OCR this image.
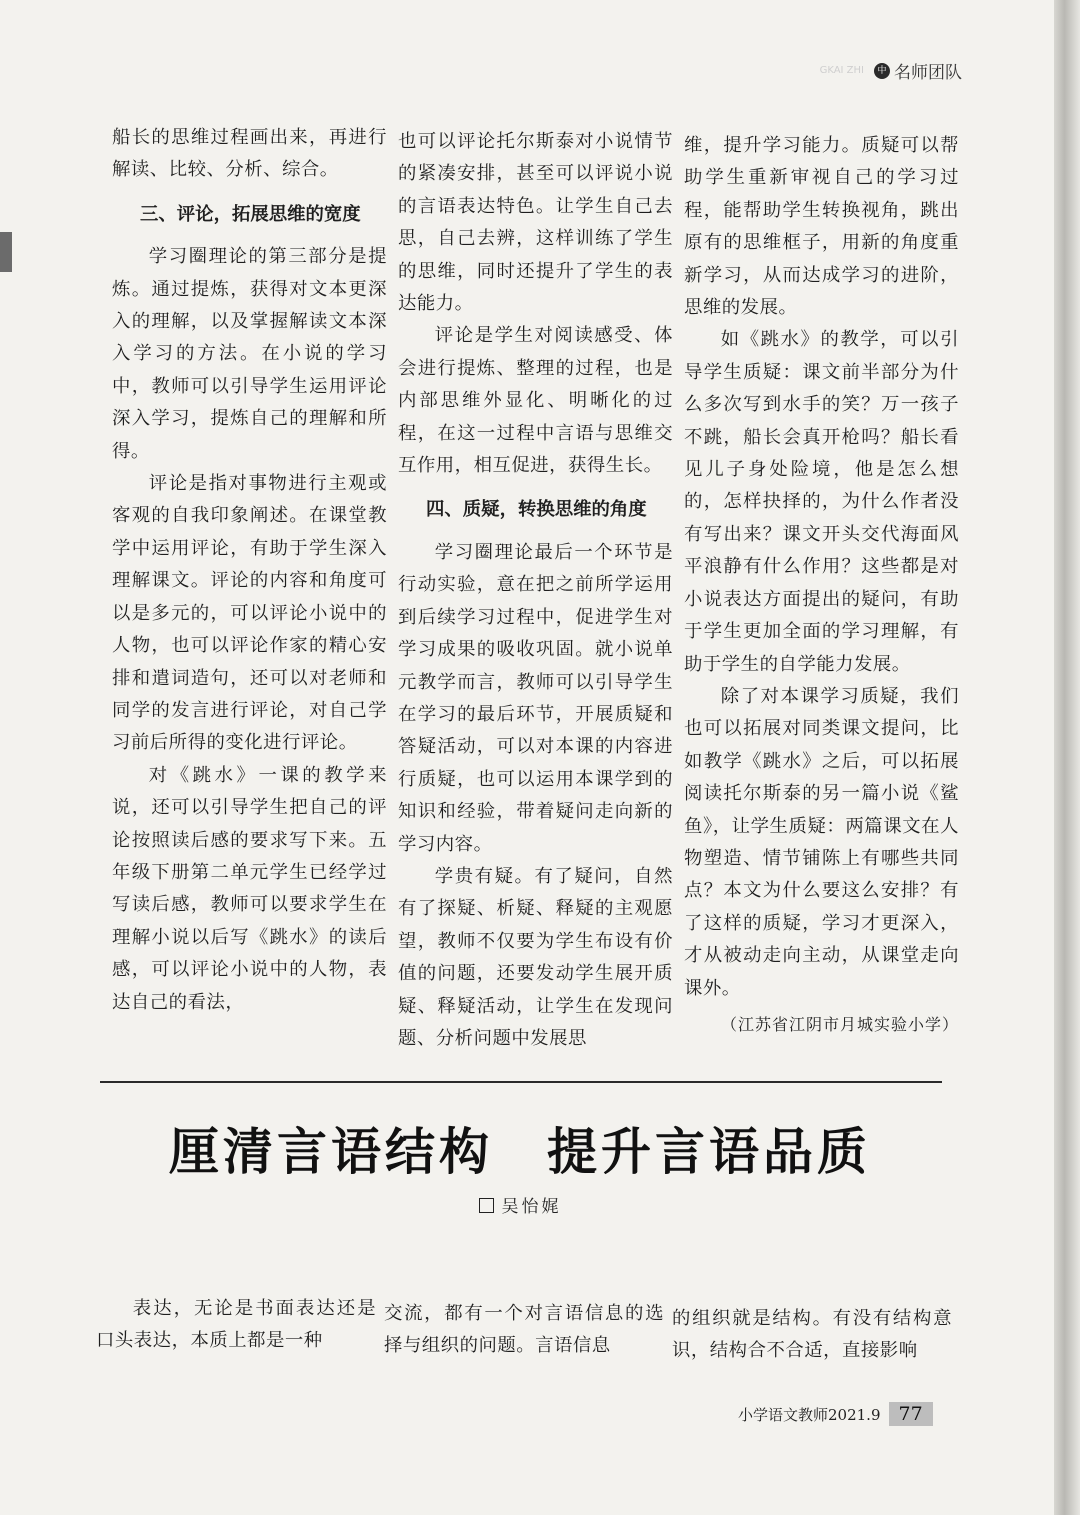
GKAI ZHI	中 名师团队

船长的思维过程画出来，再进行解读、比较、分析、综合。

三、评论，拓展思维的宽度

学习圈理论的第三部分是提炼。通过提炼，获得对文本更深入的理解，以及掌握解读文本深入学习的方法。在小说的学习中，教师可以引导学生运用评论深入学习，提炼自己的理解和所得。

评论是指对事物进行主观或客观的自我印象阐述。在课堂教学中运用评论，有助于学生深入理解课文。评论的内容和角度可以是多元的，可以评论小说中的人物，也可以评论作家的精心安排和遣词造句，还可以对老师和同学的发言进行评论，对自己学习前后所得的变化进行评论。

对《跳水》一课的教学来说，还可以引导学生把自己的评论按照读后感的要求写下来。五年级下册第二单元学生已经学过写读后感，教师可以要求学生在理解小说以后写《跳水》的读后感，可以评论小说中的人物，表达自己的看法，

也可以评论托尔斯泰对小说情节的紧凑安排，甚至可以评说小说的言语表达特色。让学生自己去思，自己去辨，这样训练了学生的思维，同时还提升了学生的表达能力。

评论是学生对阅读感受、体会进行提炼、整理的过程，也是内部思维外显化、明晰化的过程，在这一过程中言语与思维交互作用，相互促进，获得生长。

四、质疑，转换思维的角度

学习圈理论最后一个环节是行动实验，意在把之前所学运用到后续学习过程中，促进学生对学习成果的吸收巩固。就小说单元教学而言，教师可以引导学生在学习的最后环节，开展质疑和答疑活动，可以对本课的内容进行质疑，也可以运用本课学到的知识和经验，带着疑问走向新的学习内容。

学贵有疑。有了疑问，自然有了探疑、析疑、释疑的主观愿望，教师不仅要为学生布设有价值的问题，还要发动学生展开质疑、释疑活动，让学生在发现问题、分析问题中发展思

维，提升学习能力。质疑可以帮助学生重新审视自己的学习过程，能帮助学生转换视角，跳出原有的思维框子，用新的角度重新学习，从而达成学习的进阶，思维的发展。

如《跳水》的教学，可以引导学生质疑：课文前半部分为什么多次写到水手的笑？万一孩子不跳，船长会真开枪吗？船长看见儿子身处险境，他是怎么想的，怎样抉择的，为什么作者没有写出来？课文开头交代海面风平浪静有什么作用？这些都是对小说表达方面提出的疑问，有助于学生更加全面的学习理解，有助于学生的自学能力发展。

除了对本课学习质疑，我们也可以拓展对同类课文提问，比如教学《跳水》之后，可以拓展阅读托尔斯泰的另一篇小说《鲨鱼》，让学生质疑：两篇课文在人物塑造、情节铺陈上有哪些共同点？本文为什么要这么安排？有了这样的质疑，学习才更深入，才从被动走向主动，从课堂走向课外。

（江苏省江阴市月城实验小学）
厘清言语结构　提升言语品质
吴怡娓

表达，无论是书面表达还是口头表达，本质上都是一种

交流，都有一个对言语信息的选择与组织的问题。言语信息

的组织就是结构。有没有结构意识，结构合不合适，直接影响

小学语文教师2021.9 77
